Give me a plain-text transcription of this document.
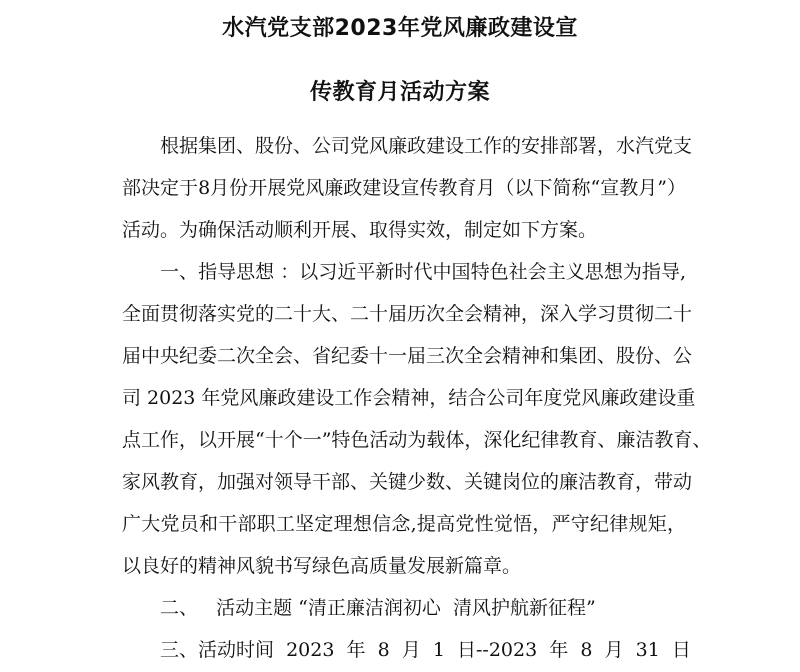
水汽党支部2023年党风廉政建设宣
传教育月活动方案

根据集团、股份、公司党风廉政建设工作的安排部署，水汽党支

部决定于8月份开展党风廉政建设宣传教育月（以下简称“宣教月”）

活动。为确保活动顺利开展、取得实效，制定如下方案。

一、指导思想 ：以习近平新时代中国特色社会主义思想为指导,

全面贯彻落实党的二十大、二十届历次全会精神，深入学习贯彻二十

届中央纪委二次全会、省纪委十一届三次全会精神和集团、股份、公

司 2023 年党风廉政建设工作会精神，结合公司年度党风廉政建设重

点工作，以开展“十个一”特色活动为载体，深化纪律教育、廉洁教育、

家风教育，加强对领导干部、关键少数、关键岗位的廉洁教育，带动

广大党员和干部职工坚定理想信念,提高党性觉悟，严守纪律规矩，

以良好的精神风貌书写绿色高质量发展新篇章。

二、   活动主题 “清正廉洁润初心  清风护航新征程”

三、活动时间  2023  年  8  月  1  日--2023  年  8  月  31  日
